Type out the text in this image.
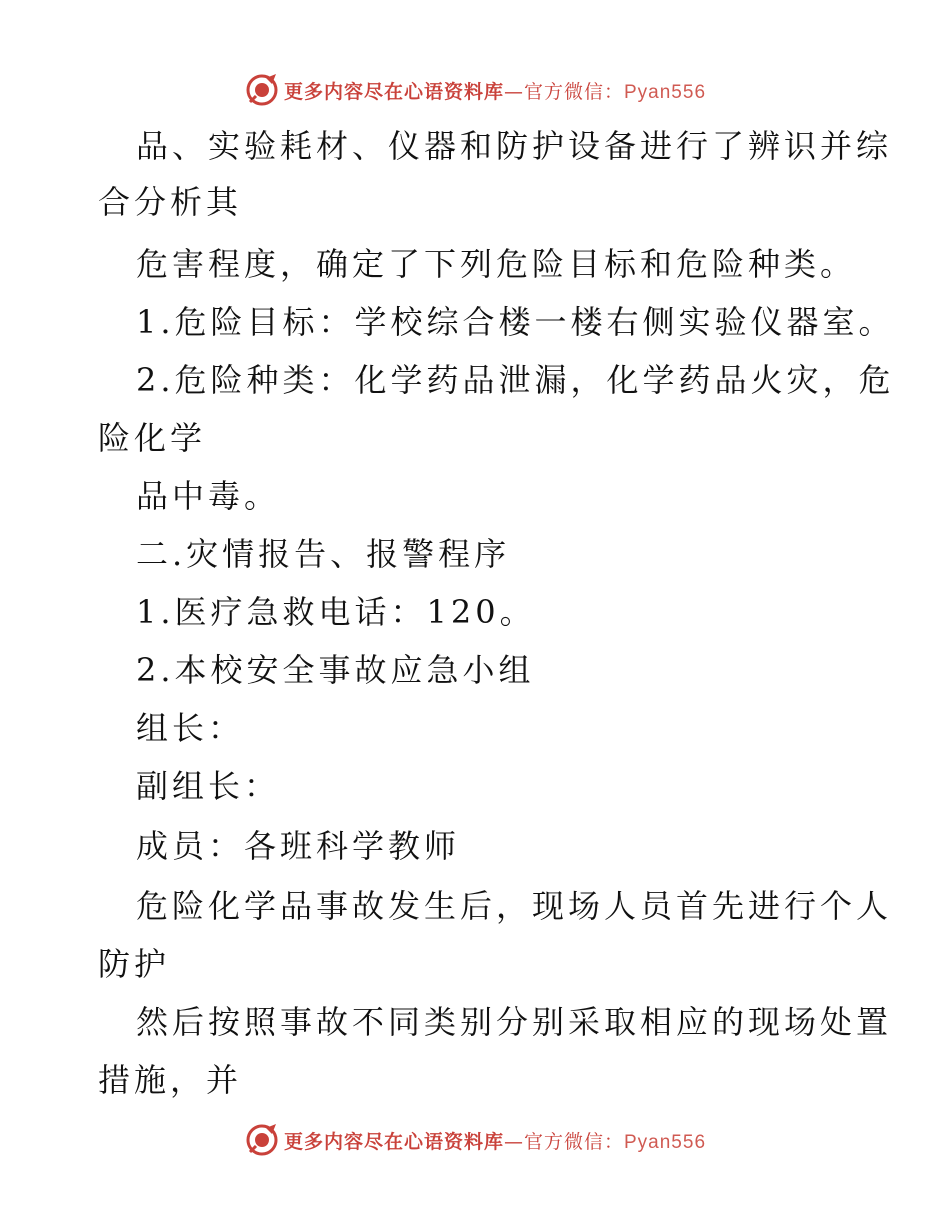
更多内容尽在心语资料库—官方微信：Pyan556
品、实验耗材、仪器和防护设备进行了辨识并综
合分析其
危害程度，确定了下列危险目标和危险种类。
1.危险目标：学校综合楼一楼右侧实验仪器室。
2.危险种类：化学药品泄漏，化学药品火灾，危
险化学
品中毒。
二.灾情报告、报警程序
1.医疗急救电话：120。
2.本校安全事故应急小组
组长：
副组长：
成员：各班科学教师
危险化学品事故发生后，现场人员首先进行个人
防护
然后按照事故不同类别分别采取相应的现场处置
措施，并
更多内容尽在心语资料库—官方微信：Pyan556
